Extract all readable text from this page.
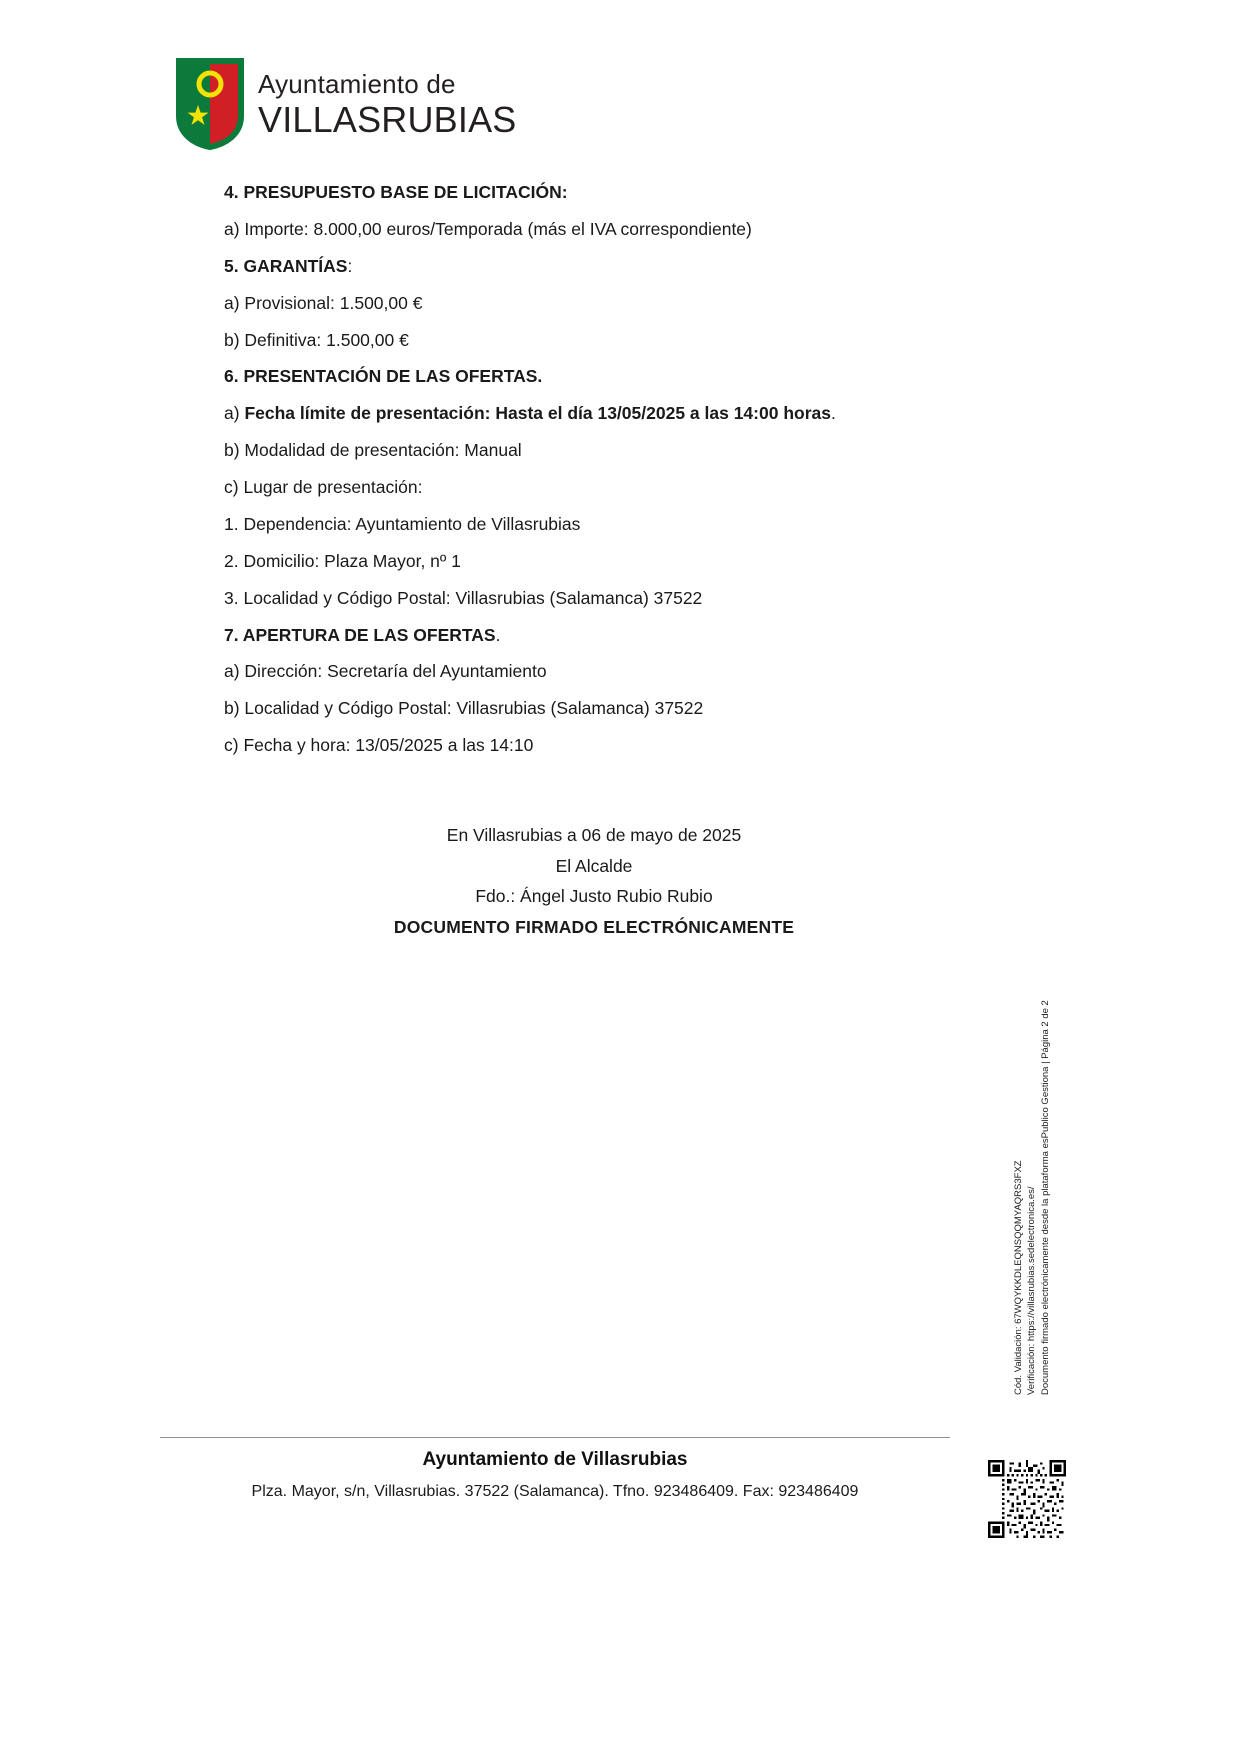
Ayuntamiento de
VILLASRUBIAS

4. PRESUPUESTO BASE DE LICITACIÓN:

a) Importe: 8.000,00 euros/Temporada (más el IVA correspondiente)

5. GARANTÍAS:

a) Provisional: 1.500,00 €

b) Definitiva: 1.500,00 €

6. PRESENTACIÓN DE LAS OFERTAS.

a) Fecha límite de presentación: Hasta el día 13/05/2025 a las 14:00 horas.

b) Modalidad de presentación: Manual

c) Lugar de presentación:

1. Dependencia: Ayuntamiento de Villasrubias

2. Domicilio: Plaza Mayor, nº 1

3. Localidad y Código Postal: Villasrubias (Salamanca) 37522

7. APERTURA DE LAS OFERTAS.

a) Dirección: Secretaría del Ayuntamiento

b) Localidad y Código Postal: Villasrubias (Salamanca) 37522

c) Fecha y hora: 13/05/2025 a las 14:10

En Villasrubias a 06 de mayo de 2025
El Alcalde
Fdo.: Ángel Justo Rubio Rubio
DOCUMENTO FIRMADO ELECTRÓNICAMENTE
Cód. Validación: 67WQYKKDLEQNSQQMYAQRS3FXZ Verificación: https://villasrubias.sedelectronica.es/ Documento firmado electrónicamente desde la plataforma esPublico Gestiona | Página 2 de 2
Ayuntamiento de Villasrubias
Plza. Mayor, s/n, Villasrubias. 37522 (Salamanca). Tfno. 923486409. Fax: 923486409
